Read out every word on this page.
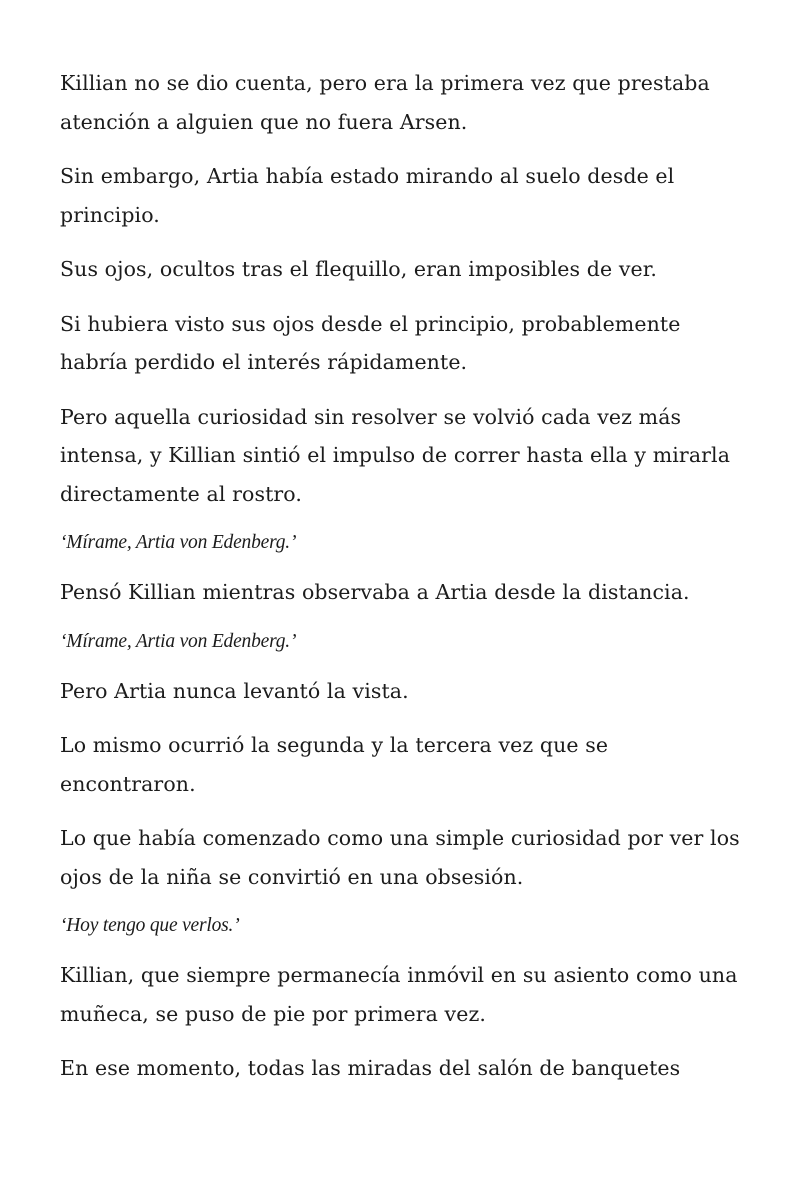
Killian no se dio cuenta, pero era la primera vez que prestaba atención a alguien que no fuera Arsen.

Sin embargo, Artia había estado mirando al suelo desde el principio.

Sus ojos, ocultos tras el flequillo, eran imposibles de ver.

Si hubiera visto sus ojos desde el principio, probablemente habría perdido el interés rápidamente.

Pero aquella curiosidad sin resolver se volvió cada vez más intensa, y Killian sintió el impulso de correr hasta ella y mirarla directamente al rostro.

‘Mírame, Artia von Edenberg.’

Pensó Killian mientras observaba a Artia desde la distancia.

‘Mírame, Artia von Edenberg.’

Pero Artia nunca levantó la vista.

Lo mismo ocurrió la segunda y la tercera vez que se encontraron.

Lo que había comenzado como una simple curiosidad por ver los ojos de la niña se convirtió en una obsesión.

‘Hoy tengo que verlos.’

Killian, que siempre permanecía inmóvil en su asiento como una muñeca, se puso de pie por primera vez.

En ese momento, todas las miradas del salón de banquetes
